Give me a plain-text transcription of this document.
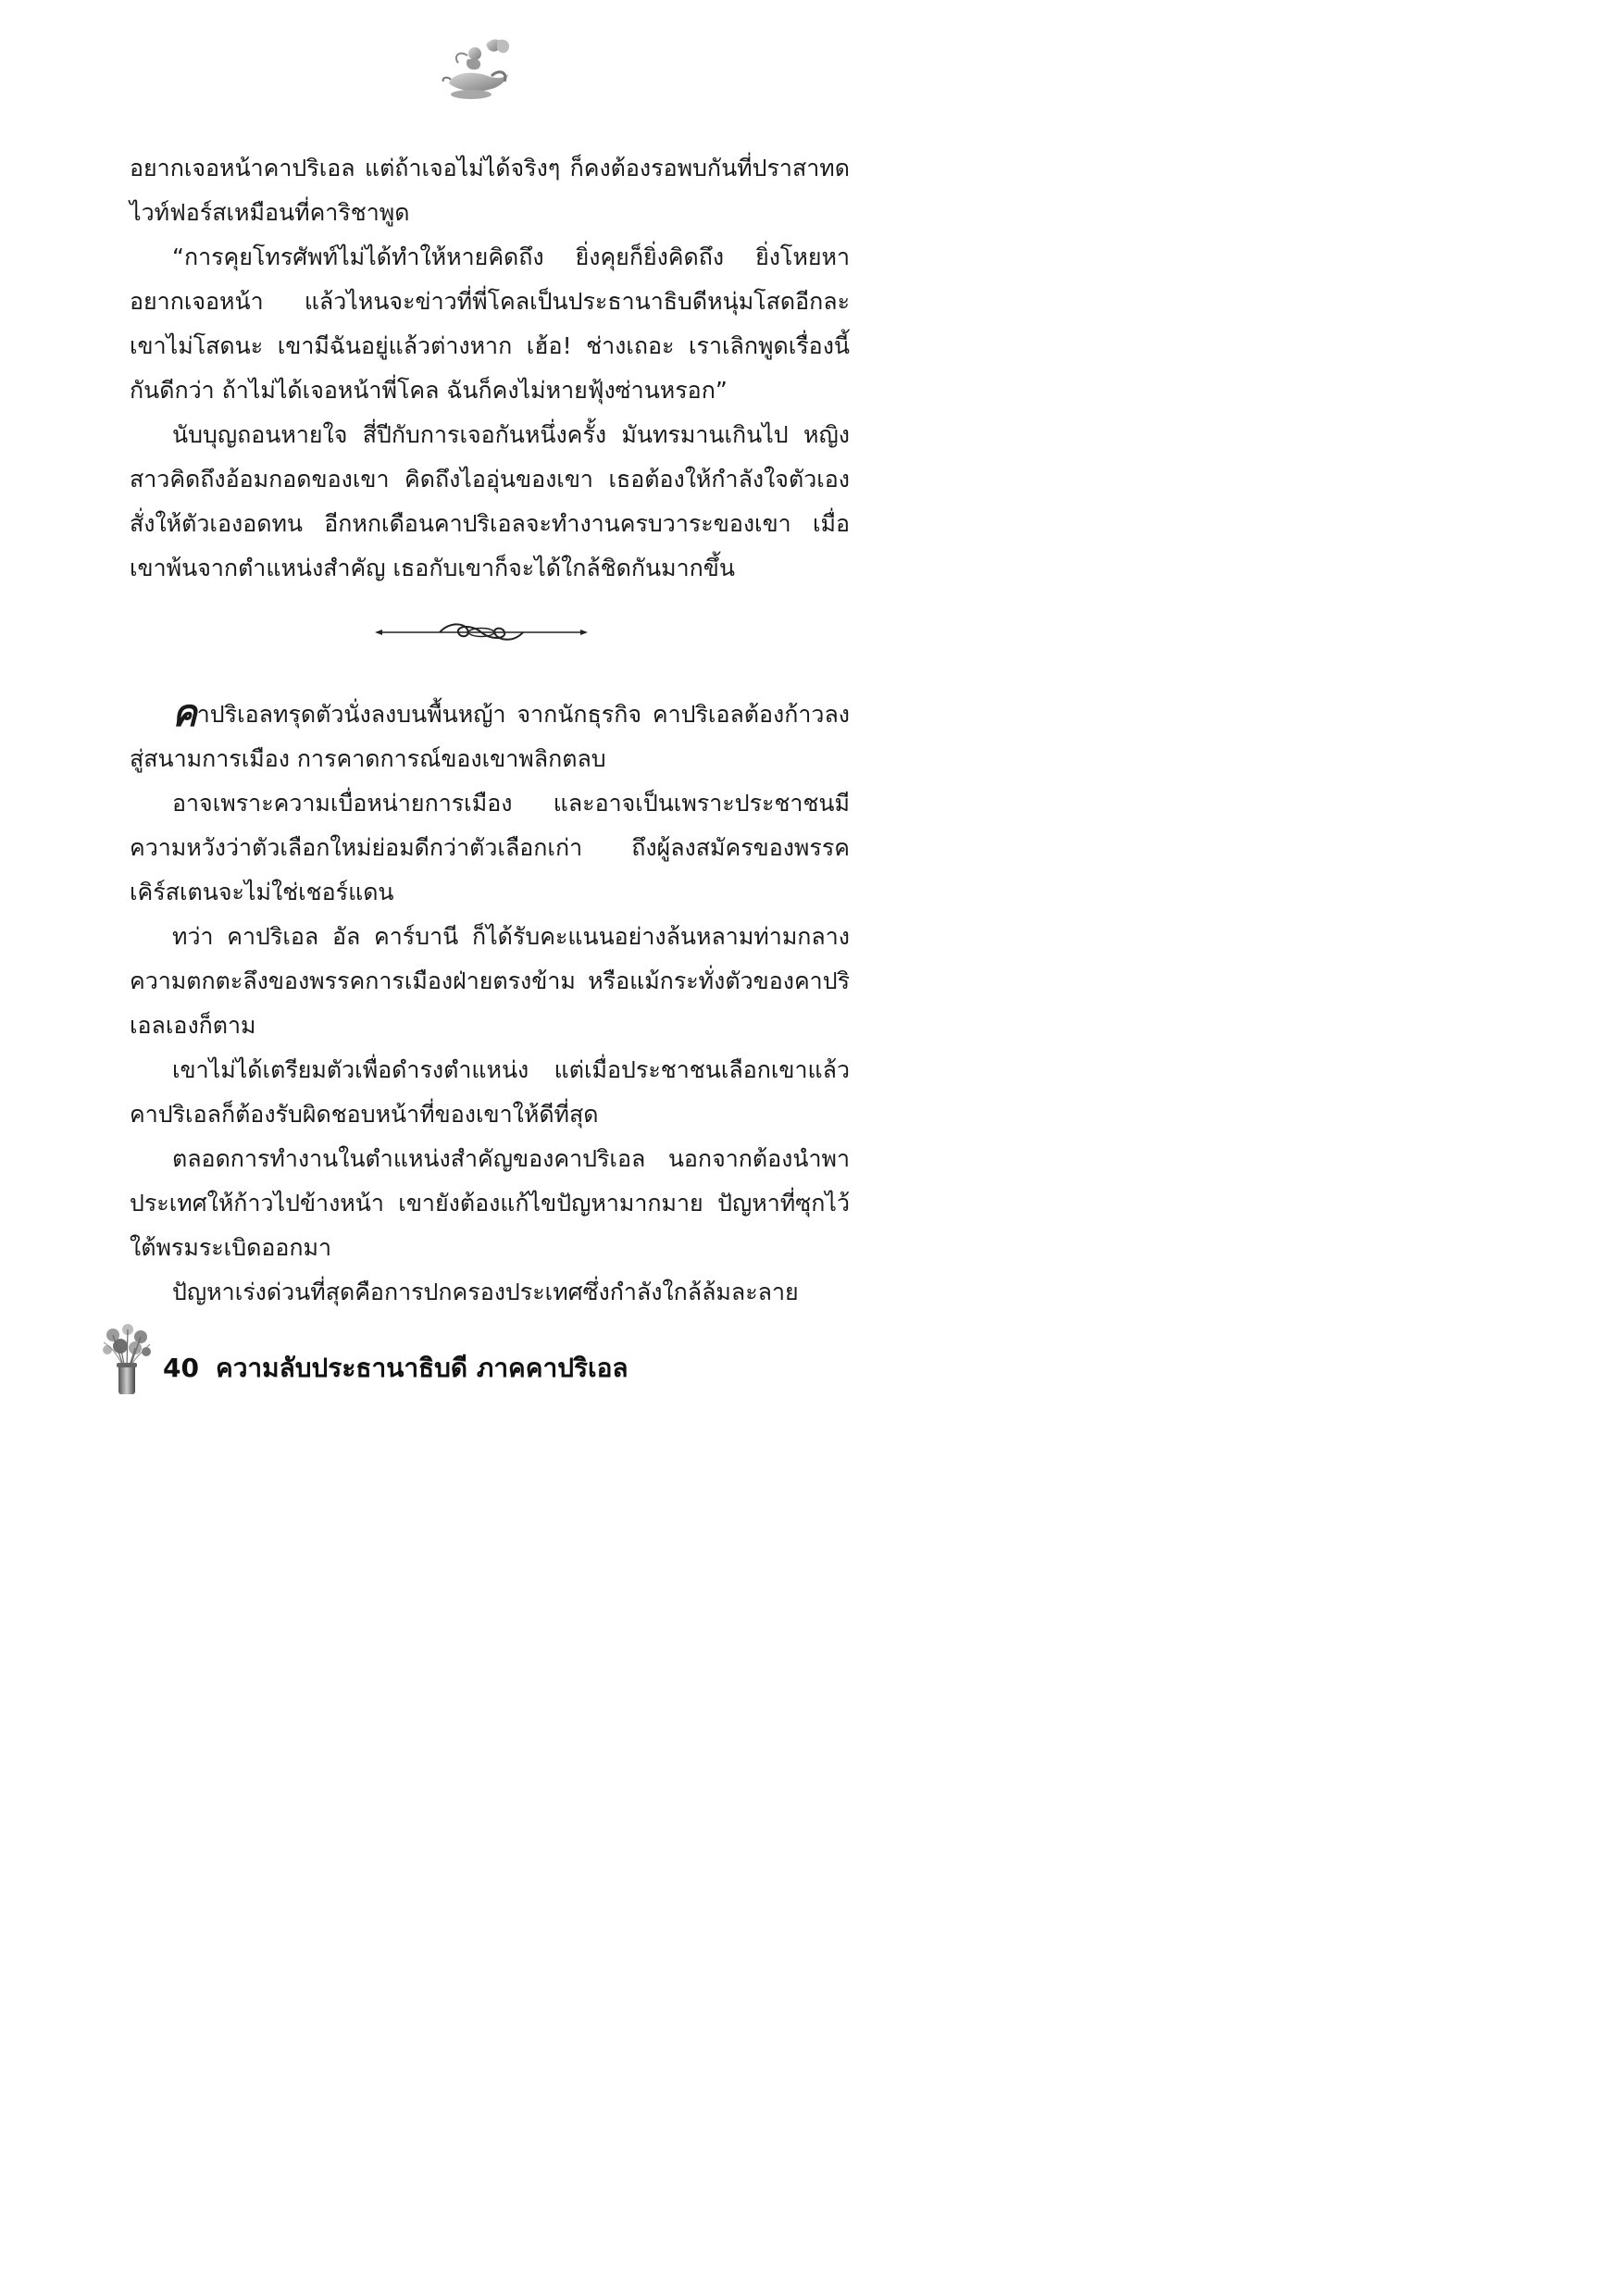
อยากเจอหน้าคาปริเอล แต่ถ้าเจอไม่ได้จริงๆ ก็คงต้องรอพบกันที่ปราสาทดไวท์ฟอร์สเหมือนที่คาริชาพูด

“การคุยโทรศัพท์ไม่ได้ทำให้หายคิดถึง ยิ่งคุยก็ยิ่งคิดถึง ยิ่งโหยหาอยากเจอหน้า แล้วไหนจะข่าวที่พี่โคลเป็นประธานาธิบดีหนุ่มโสดอีกละ เขาไม่โสดนะ เขามีฉันอยู่แล้วต่างหาก เฮ้อ! ช่างเถอะ เราเลิกพูดเรื่องนี้กันดีกว่า ถ้าไม่ได้เจอหน้าพี่โคล ฉันก็คงไม่หายฟุ้งซ่านหรอก”

นับบุญถอนหายใจ สี่ปีกับการเจอกันหนึ่งครั้ง มันทรมานเกินไป หญิงสาวคิดถึงอ้อมกอดของเขา คิดถึงไออุ่นของเขา เธอต้องให้กำลังใจตัวเอง สั่งให้ตัวเองอดทน อีกหกเดือนคาปริเอลจะทำงานครบวาระของเขา เมื่อเขาพ้นจากตำแหน่งสำคัญ เธอกับเขาก็จะได้ใกล้ชิดกันมากขึ้น

คาปริเอลทรุดตัวนั่งลงบนพื้นหญ้า จากนักธุรกิจ คาปริเอลต้องก้าวลงสู่สนามการเมือง การคาดการณ์ของเขาพลิกตลบ

อาจเพราะความเบื่อหน่ายการเมือง และอาจเป็นเพราะประชาชนมีความหวังว่าตัวเลือกใหม่ย่อมดีกว่าตัวเลือกเก่า ถึงผู้ลงสมัครของพรรคเคิร์สเตนจะไม่ใช่เชอร์แดน

ทว่า คาปริเอล อัล คาร์บานี ก็ได้รับคะแนนอย่างล้นหลามท่ามกลางความตกตะลึงของพรรคการเมืองฝ่ายตรงข้าม หรือแม้กระทั่งตัวของคาปริเอลเองก็ตาม

เขาไม่ได้เตรียมตัวเพื่อดำรงตำแหน่ง แต่เมื่อประชาชนเลือกเขาแล้ว คาปริเอลก็ต้องรับผิดชอบหน้าที่ของเขาให้ดีที่สุด

ตลอดการทำงานในตำแหน่งสำคัญของคาปริเอล นอกจากต้องนำพาประเทศให้ก้าวไปข้างหน้า เขายังต้องแก้ไขปัญหามากมาย ปัญหาที่ซุกไว้ใต้พรมระเบิดออกมา

ปัญหาเร่งด่วนที่สุดคือการปกครองประเทศซึ่งกำลังใกล้ล้มละลาย

40 ความลับประธานาธิบดี ภาคคาปริเอล
